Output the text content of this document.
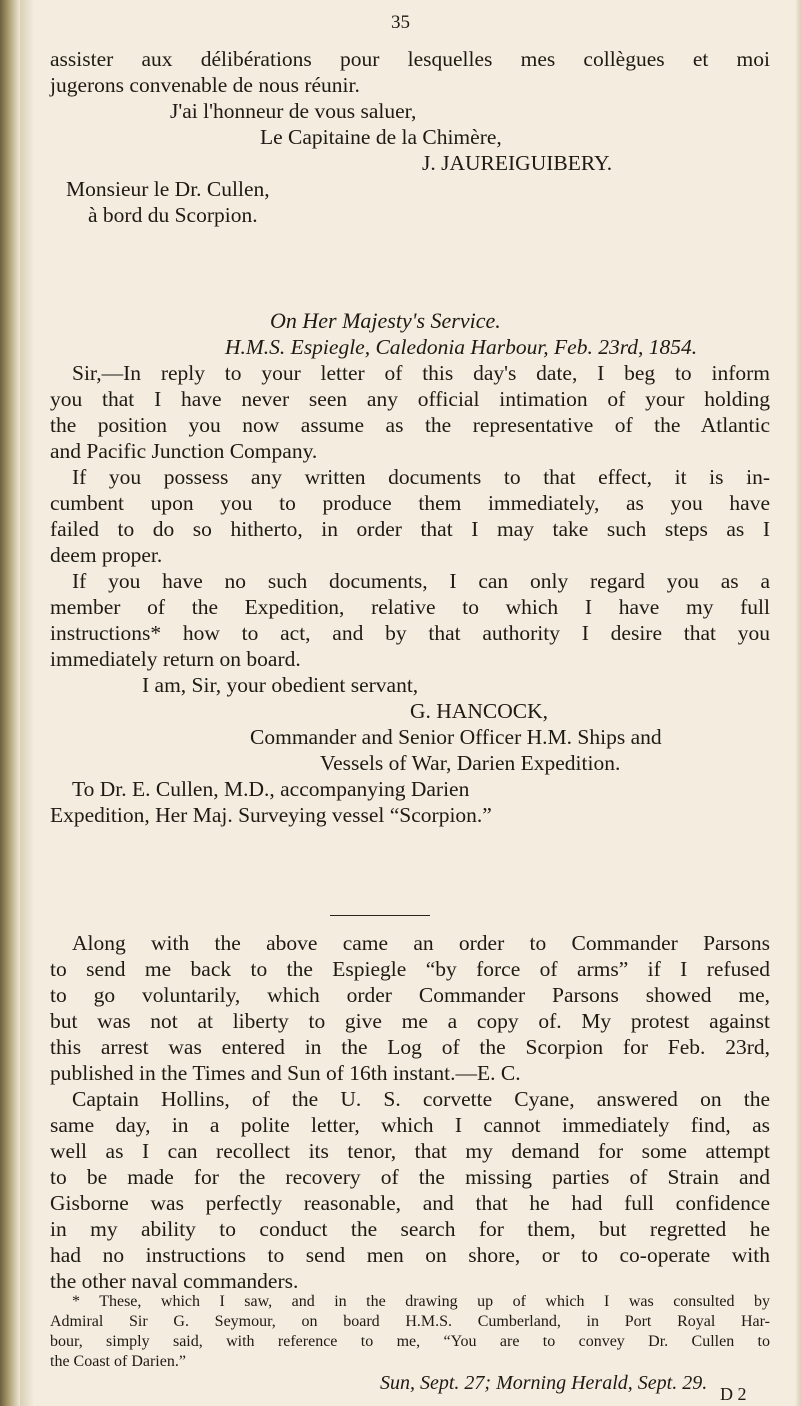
35
assister aux délibérations pour lesquelles mes collègues et moi
jugerons convenable de nous réunir.
J'ai l'honneur de vous saluer,
Le Capitaine de la Chimère,
J. JAUREIGUIBERY.
Monsieur le Dr. Cullen,
à bord du Scorpion.
On Her Majesty's Service.
H.M.S. Espiegle, Caledonia Harbour, Feb. 23rd, 1854.
Sir,—In reply to your letter of this day's date, I beg to inform
you that I have never seen any official intimation of your holding
the position you now assume as the representative of the Atlantic
and Pacific Junction Company.
If you possess any written documents to that effect, it is in-
cumbent upon you to produce them immediately, as you have
failed to do so hitherto, in order that I may take such steps as I
deem proper.
If you have no such documents, I can only regard you as a
member of the Expedition, relative to which I have my full
instructions* how to act, and by that authority I desire that you
immediately return on board.
I am, Sir, your obedient servant,
G. HANCOCK,
Commander and Senior Officer H.M. Ships and
Vessels of War, Darien Expedition.
To Dr. E. Cullen, M.D., accompanying Darien
Expedition, Her Maj. Surveying vessel “Scorpion.”
Along with the above came an order to Commander Parsons
to send me back to the Espiegle “by force of arms” if I refused
to go voluntarily, which order Commander Parsons showed me,
but was not at liberty to give me a copy of. My protest against
this arrest was entered in the Log of the Scorpion for Feb. 23rd,
published in the Times and Sun of 16th instant.—E. C.
Captain Hollins, of the U. S. corvette Cyane, answered on the
same day, in a polite letter, which I cannot immediately find, as
well as I can recollect its tenor, that my demand for some attempt
to be made for the recovery of the missing parties of Strain and
Gisborne was perfectly reasonable, and that he had full confidence
in my ability to conduct the search for them, but regretted he
had no instructions to send men on shore, or to co-operate with
the other naval commanders.
* These, which I saw, and in the drawing up of which I was consulted by
Admiral Sir G. Seymour, on board H.M.S. Cumberland, in Port Royal Har-
bour, simply said, with reference to me, “You are to convey Dr. Cullen to
the Coast of Darien.”
Sun, Sept. 27; Morning Herald, Sept. 29. D 2
